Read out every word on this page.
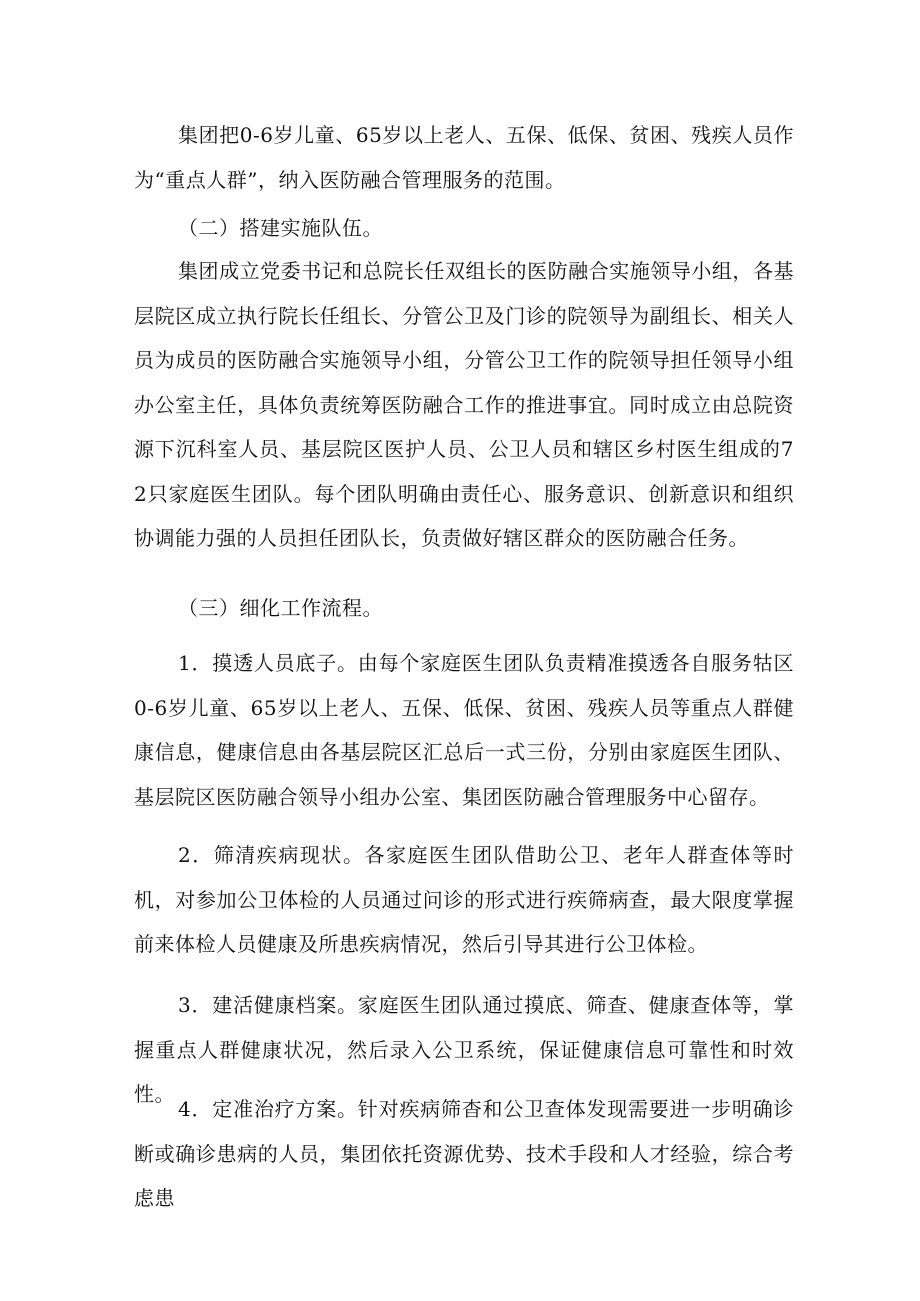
集团把0-6岁儿童、65岁以上老人、五保、低保、贫困、残疾人员作为“重点人群”，纳入医防融合管理服务的范围。

（二）搭建实施队伍。

集团成立党委书记和总院长任双组长的医防融合实施领导小组，各基层院区成立执行院长任组长、分管公卫及门诊的院领导为副组长、相关人员为成员的医防融合实施领导小组，分管公卫工作的院领导担任领导小组办公室主任，具体负责统筹医防融合工作的推进事宜。同时成立由总院资源下沉科室人员、基层院区医护人员、公卫人员和辖区乡村医生组成的72只家庭医生团队。每个团队明确由责任心、服务意识、创新意识和组织协调能力强的人员担任团队长，负责做好辖区群众的医防融合任务。

（三）细化工作流程。

1．摸透人员底子。由每个家庭医生团队负责精准摸透各自服务牯区0-6岁儿童、65岁以上老人、五保、低保、贫困、残疾人员等重点人群健康信息，健康信息由各基层院区汇总后一式三份，分别由家庭医生团队、基层院区医防融合领导小组办公室、集团医防融合管理服务中心留存。

2．筛清疾病现状。各家庭医生团队借助公卫、老年人群查体等时机，对参加公卫体检的人员通过问诊的形式进行疾筛病查，最大限度掌握前来体检人员健康及所患疾病情况，然后引导其进行公卫体检。

3．建活健康档案。家庭医生团队通过摸底、筛查、健康查体等，掌握重点人群健康状况，然后录入公卫系统，保证健康信息可靠性和时效性。

4．定准治疗方案。针对疾病筛杳和公卫查体发现需要进一步明确诊断或确诊患病的人员，集团依托资源优势、技术手段和人才经验，综合考虑患
